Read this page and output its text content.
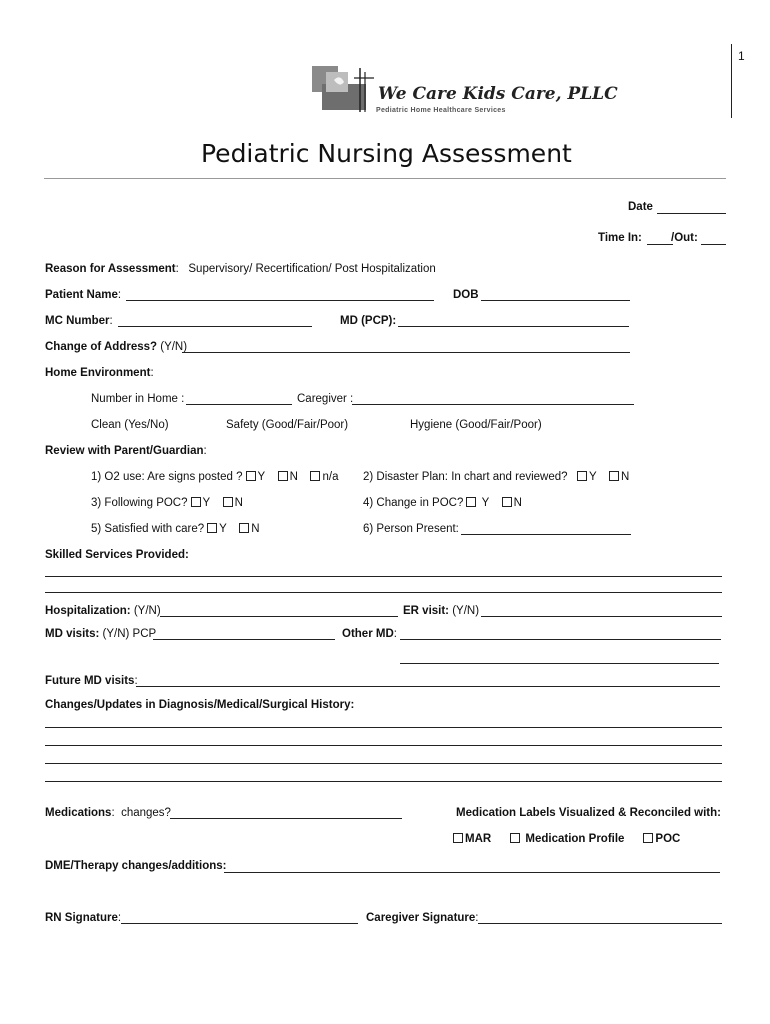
1
We Care Kids Care, PLLC
Pediatric Home Healthcare Services
Pediatric Nursing Assessment
Date
Time In:	/Out:
Reason for Assessment:   Supervisory/ Recertification/ Post Hospitalization
Patient Name:	DOB
MC Number:	MD (PCP):
Change of Address? (Y/N)
Home Environment:
Number in Home :	Caregiver :
Clean (Yes/No)	Safety (Good/Fair/Poor)	Hygiene (Good/Fair/Poor)
Review with Parent/Guardian:
1) O2 use: Are signs posted ? Y N n/a 2) Disaster Plan: In chart and reviewed? Y N
3) Following POC? Y N	4) Change in POC? Y N
5) Satisfied with care? Y N	6) Person Present:
Skilled Services Provided:
Hospitalization: (Y/N)	ER visit: (Y/N)
MD visits: (Y/N) PCP	Other MD:
Future MD visits:
Changes/Updates in Diagnosis/Medical/Surgical History:
Medications:  changes?	Medication Labels Visualized & Reconciled with:
MAR	Medication Profile	POC
DME/Therapy changes/additions:
RN Signature:	Caregiver Signature:
